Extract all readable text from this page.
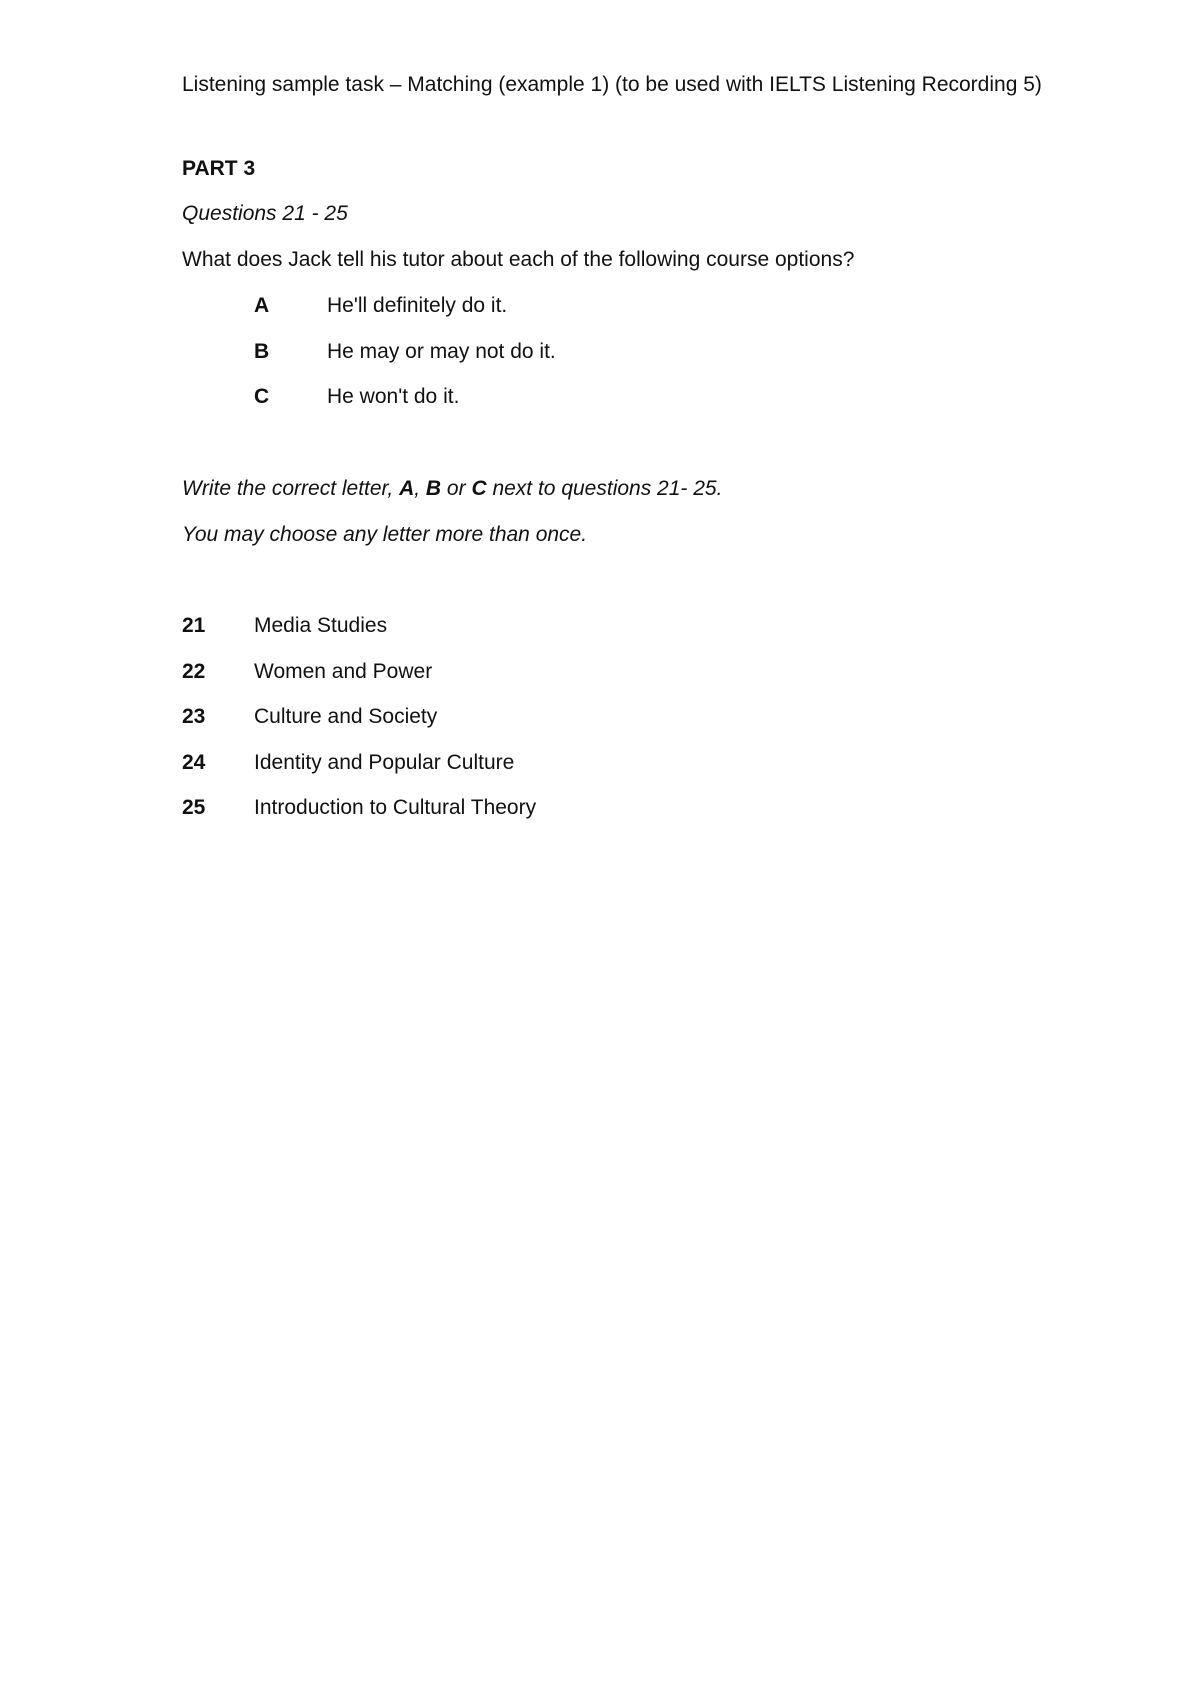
Listening sample task – Matching (example 1) (to be used with IELTS Listening Recording 5)
PART 3
Questions 21 - 25
What does Jack tell his tutor about each of the following course options?
A	He'll definitely do it.
B	He may or may not do it.
C	He won't do it.
Write the correct letter, A, B or C next to questions 21- 25.
You may choose any letter more than once.
21 Media Studies
22 Women and Power
23 Culture and Society
24 Identity and Popular Culture
25 Introduction to Cultural Theory
